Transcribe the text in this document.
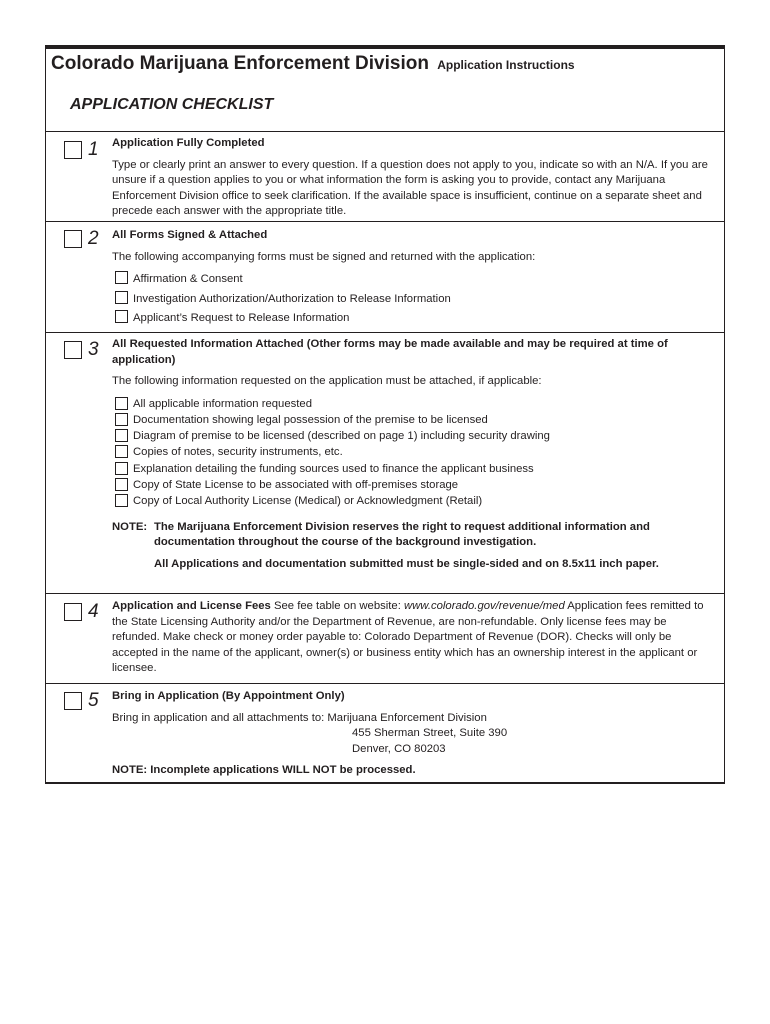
Colorado Marijuana Enforcement Division Application Instructions
APPLICATION CHECKLIST
1 Application Fully Completed

Type or clearly print an answer to every question. If a question does not apply to you, indicate so with an N/A. If you are unsure if a question applies to you or what information the form is asking you to provide, contact any Marijuana Enforcement Division office to seek clarification. If the available space is insufficient, continue on a separate sheet and precede each answer with the appropriate title.

2 All Forms Signed & Attached

The following accompanying forms must be signed and returned with the application:

Affirmation & Consent
Investigation Authorization/Authorization to Release Information
Applicant’s Request to Release Information
3 All Requested Information Attached (Other forms may be made available and may be required at time of application)

The following information requested on the application must be attached, if applicable:

All applicable information requested
Documentation showing legal possession of the premise to be licensed
Diagram of premise to be licensed (described on page 1) including security drawing
Copies of notes, security instruments, etc.
Explanation detailing the funding sources used to finance the applicant business
Copy of State License to be associated with off-premises storage
Copy of Local Authority License (Medical) or Acknowledgment (Retail)
NOTE: The Marijuana Enforcement Division reserves the right to request additional information and documentation throughout the course of the background investigation.

All Applications and documentation submitted must be single-sided and on 8.5x11 inch paper.

4 Application and License Fees See fee table on website: www.colorado.gov/revenue/med Application fees remitted to the State Licensing Authority and/or the Department of Revenue, are non-refundable. Only license fees may be refunded. Make check or money order payable to: Colorado Department of Revenue (DOR). Checks will only be accepted in the name of the applicant, owner(s) or business entity which has an ownership interest in the applicant or licensee.

5 Bring in Application (By Appointment Only)

Bring in application and all attachments to: Marijuana Enforcement Division

455 Sherman Street, Suite 390

Denver, CO 80203

NOTE: Incomplete applications WILL NOT be processed.
